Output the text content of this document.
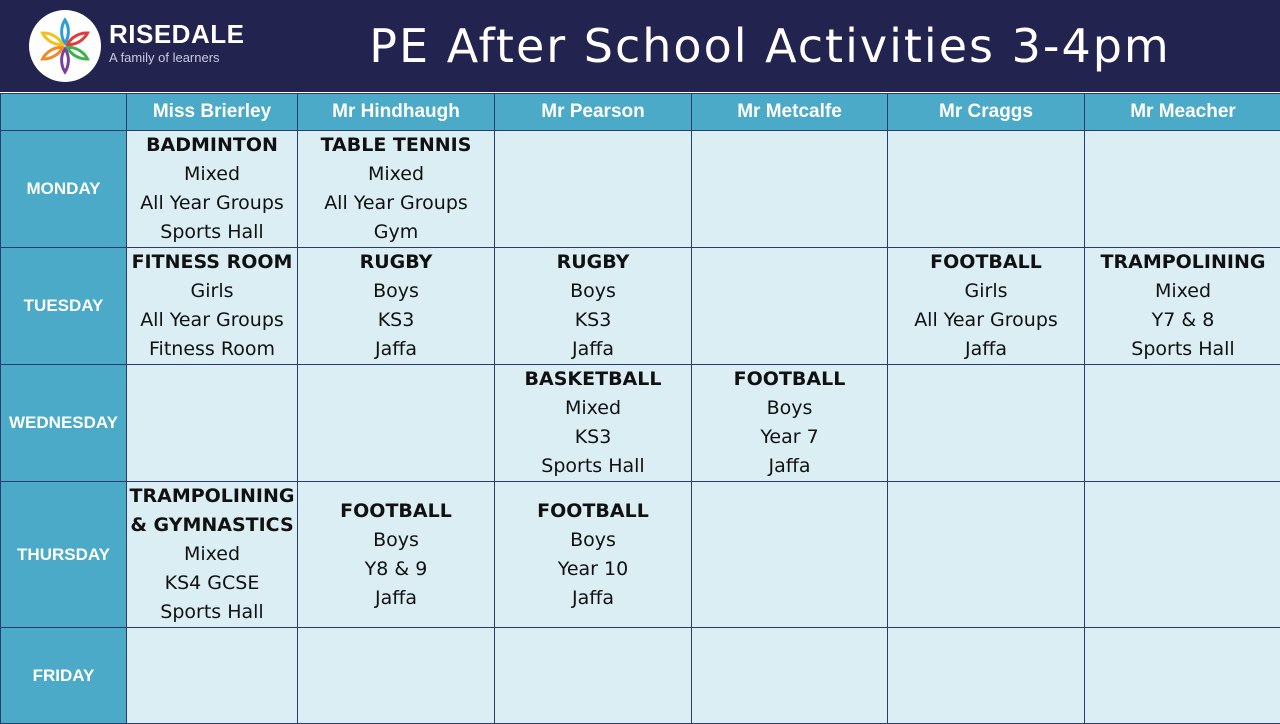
RISEDALE
A family of learners	PE After School Activities 3-4pm
	Miss Brierley	Mr Hindhaugh	Mr Pearson	Mr Metcalfe	Mr Craggs	Mr Meacher
MONDAY	BADMINTON
Mixed
All Year Groups
Sports Hall	TABLE TENNIS
Mixed
All Year Groups
Gym				

TUESDAY	FITNESS ROOM
Girls
All Year Groups
Fitness Room	RUGBY
Boys
KS3
Jaffa	RUGBY
Boys
KS3
Jaffa		FOOTBALL
Girls
All Year Groups
Jaffa	TRAMPOLINING
Mixed
Y7 & 8
Sports Hall

WEDNESDAY			BASKETBALL
Mixed
KS3
Sports Hall	FOOTBALL
Boys
Year 7
Jaffa		

THURSDAY	TRAMPOLINING & GYMNASTICS
Mixed
KS4 GCSE
Sports Hall	FOOTBALL
Boys
Y8 & 9
Jaffa	FOOTBALL
Boys
Year 10
Jaffa			

FRIDAY						
